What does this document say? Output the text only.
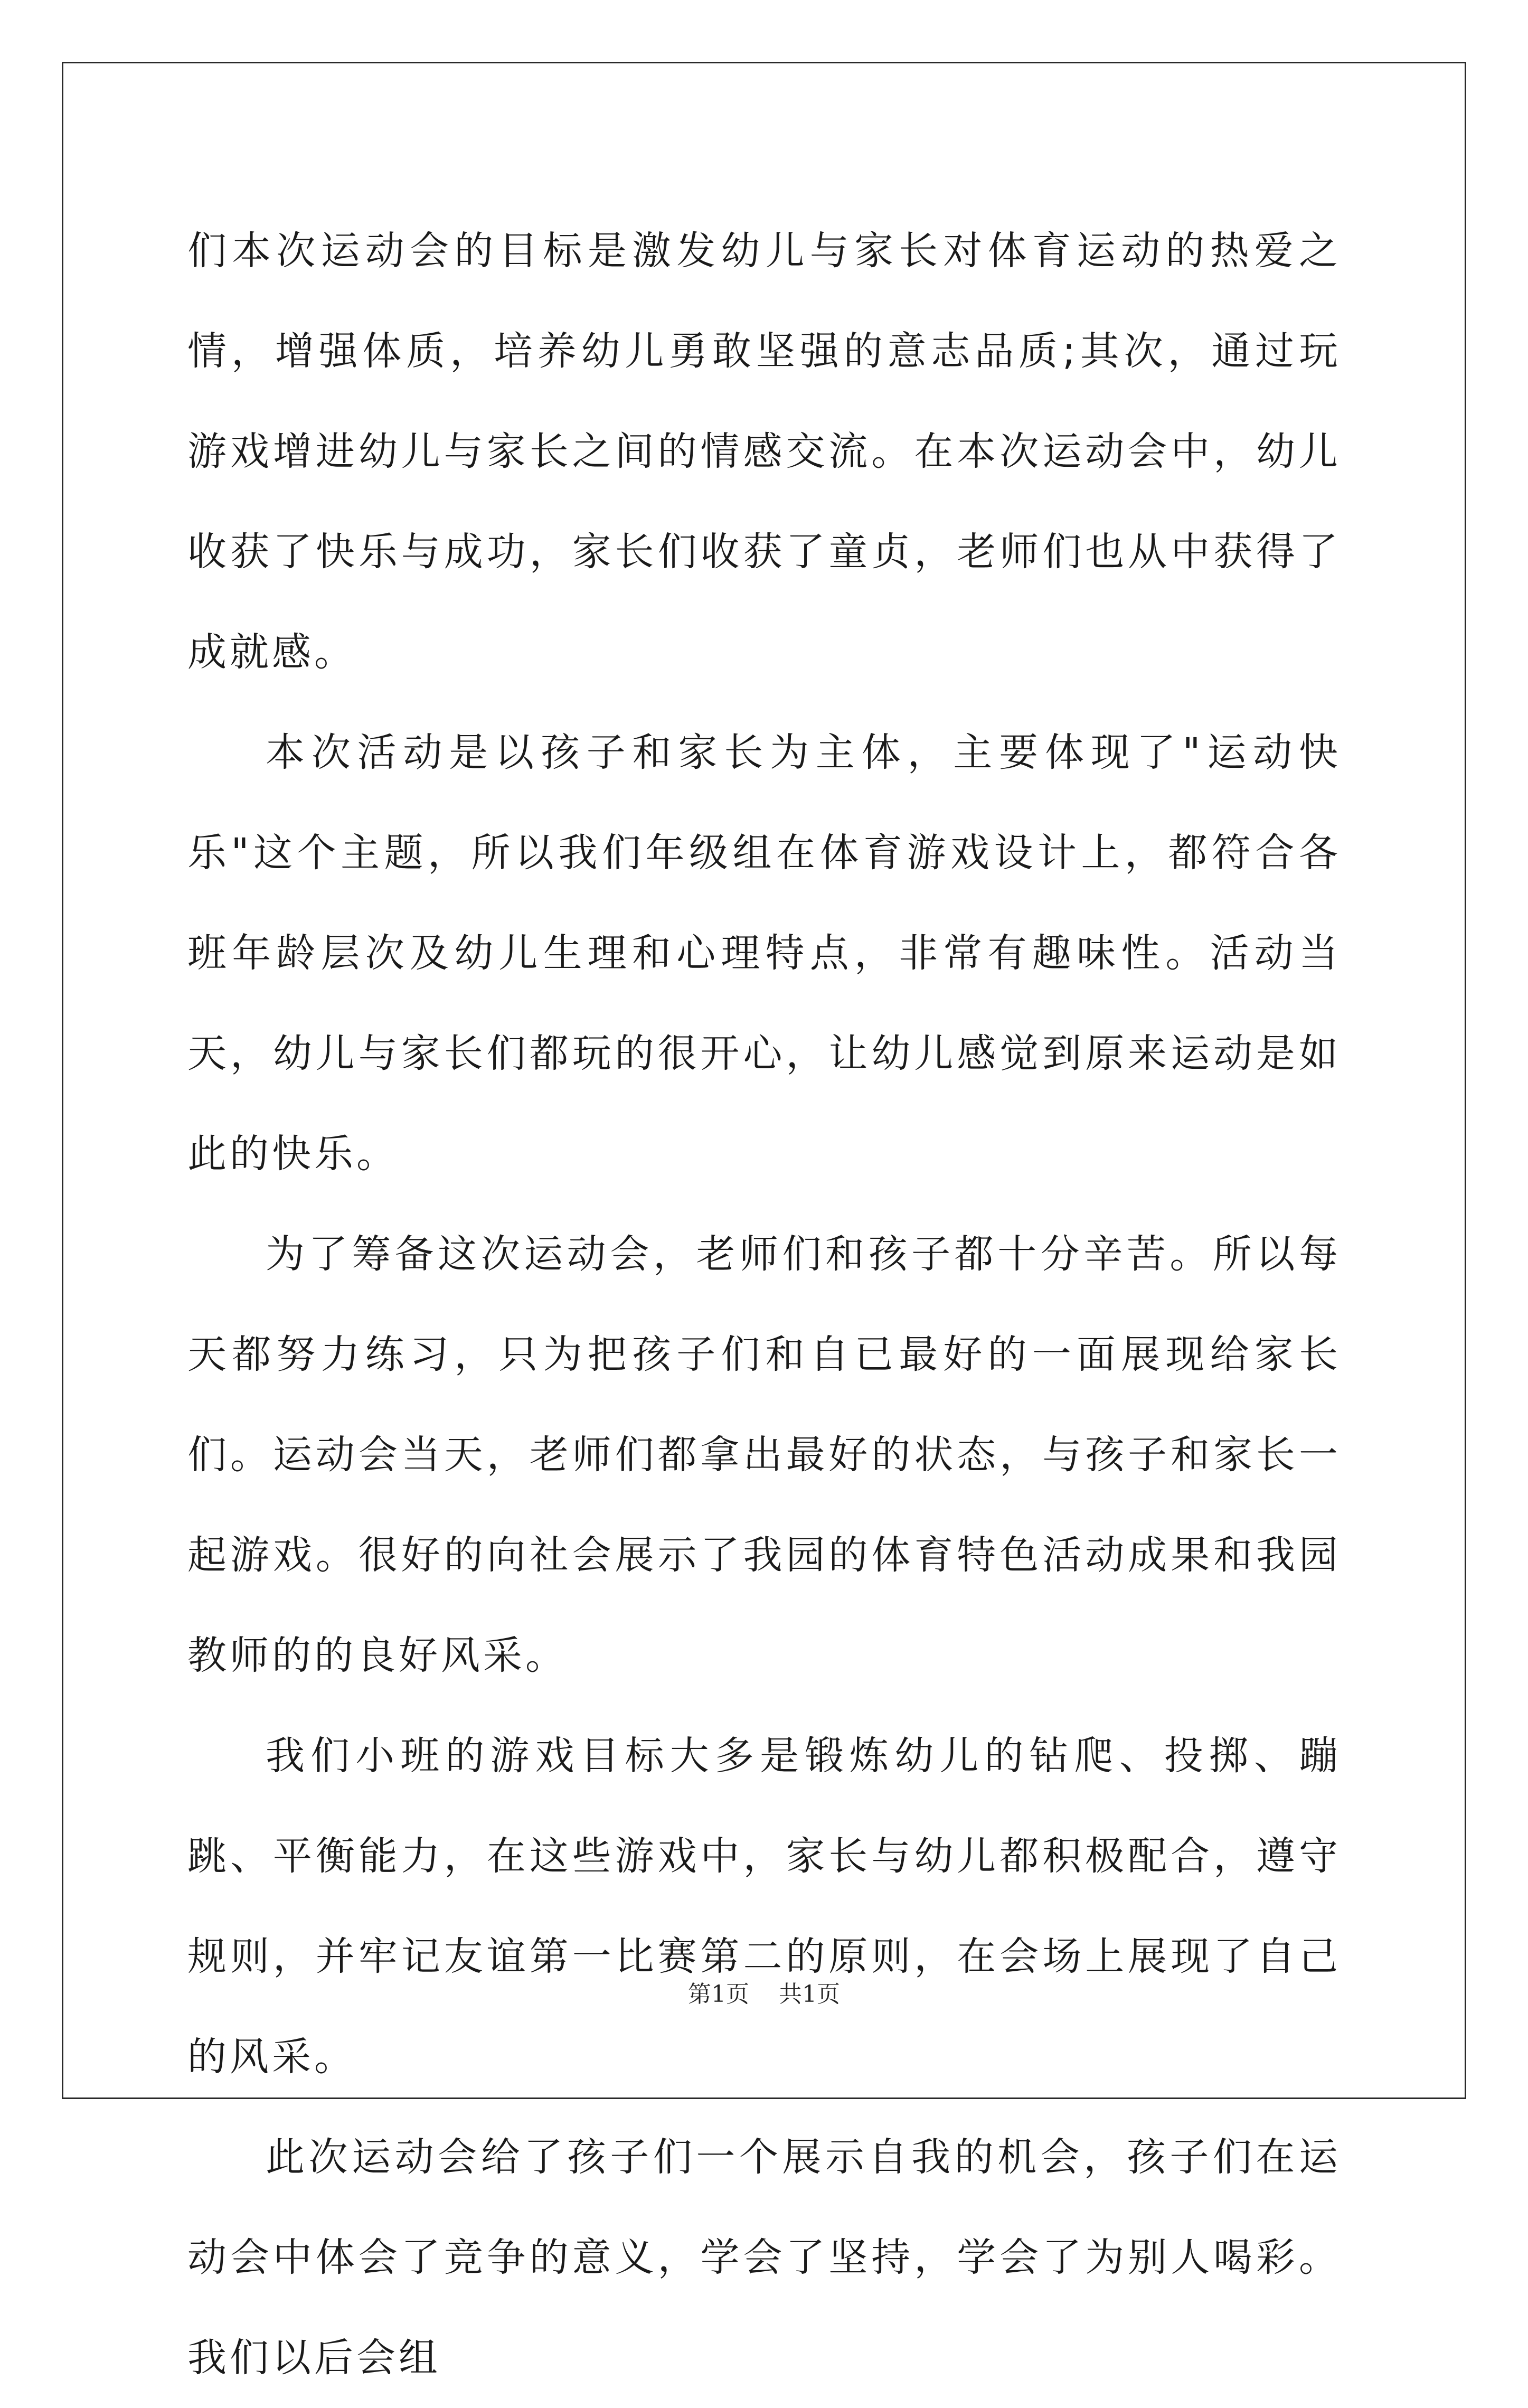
们本次运动会的目标是激发幼儿与家长对体育运动的热爱之情，增强体质，培养幼儿勇敢坚强的意志品质;其次，通过玩游戏增进幼儿与家长之间的情感交流。在本次运动会中，幼儿收获了快乐与成功，家长们收获了童贞，老师们也从中获得了成就感。

本次活动是以孩子和家长为主体，主要体现了"运动快乐"这个主题，所以我们年级组在体育游戏设计上，都符合各班年龄层次及幼儿生理和心理特点，非常有趣味性。活动当天，幼儿与家长们都玩的很开心，让幼儿感觉到原来运动是如此的快乐。

为了筹备这次运动会，老师们和孩子都十分辛苦。所以每天都努力练习，只为把孩子们和自已最好的一面展现给家长们。运动会当天，老师们都拿出最好的状态，与孩子和家长一起游戏。很好的向社会展示了我园的体育特色活动成果和我园教师的的良好风采。

我们小班的游戏目标大多是锻炼幼儿的钻爬、投掷、蹦跳、平衡能力，在这些游戏中，家长与幼儿都积极配合，遵守规则，并牢记友谊第一比赛第二的原则，在会场上展现了自己的风采。

此次运动会给了孩子们一个展示自我的机会，孩子们在运动会中体会了竞争的意义，学会了坚持，学会了为别人喝彩。我们以后会组

第1页 共1页
